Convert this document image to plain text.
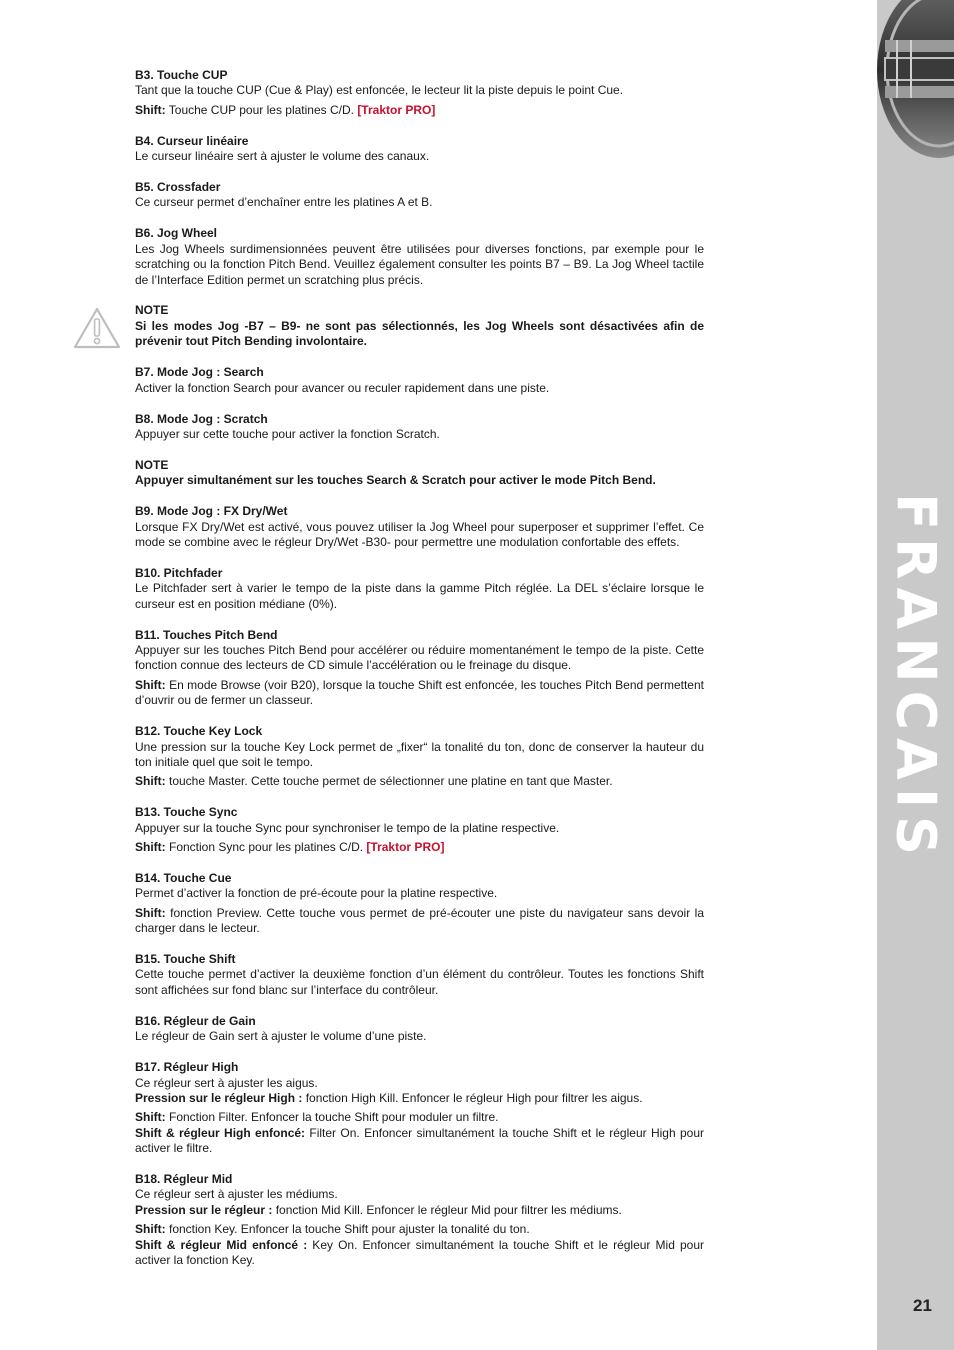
FRANCAIS
21
B3. Touche CUP

Tant que la touche CUP (Cue & Play) est enfoncée, le lecteur lit la piste depuis le point Cue.

Shift: Touche CUP pour les platines C/D. [Traktor PRO]

B4. Curseur linéaire

Le curseur linéaire sert à ajuster le volume des canaux.

B5. Crossfader

Ce curseur permet d’enchaîner entre les platines A et B.

B6. Jog Wheel

Les Jog Wheels surdimensionnées peuvent être utilisées pour diverses fonctions, par exemple pour le scratching ou la fonction Pitch Bend. Veuillez également consulter les points B7 – B9. La Jog Wheel tactile de l’Interface Edition permet un scratching plus précis.

NOTE

Si les modes Jog -B7 – B9- ne sont pas sélectionnés, les Jog Wheels sont désactivées afin de prévenir tout Pitch Bending involontaire.

B7. Mode Jog : Search

Activer la fonction Search pour avancer ou reculer rapidement dans une piste.

B8. Mode Jog : Scratch

Appuyer sur cette touche pour activer la fonction Scratch.

NOTE

Appuyer simultanément sur les touches Search & Scratch pour activer le mode Pitch Bend.

B9. Mode Jog : FX Dry/Wet

Lorsque FX Dry/Wet est activé, vous pouvez utiliser la Jog Wheel pour superposer et supprimer l’effet. Ce mode se combine avec le régleur Dry/Wet -B30- pour permettre une modulation confortable des effets.

B10. Pitchfader

Le Pitchfader sert à varier le tempo de la piste dans la gamme Pitch réglée. La DEL s’éclaire lorsque le curseur est en position médiane (0%).

B11. Touches Pitch Bend

Appuyer sur les touches Pitch Bend pour accélérer ou réduire momentanément le tempo de la piste. Cette fonction connue des lecteurs de CD simule l’accélération ou le freinage du disque.

Shift: En mode Browse (voir B20), lorsque la touche Shift est enfoncée, les touches Pitch Bend permettent d’ouvrir ou de fermer un classeur.

B12. Touche Key Lock

Une pression sur la touche Key Lock permet de „fixer“ la tonalité du ton, donc de conserver la hauteur du ton initiale quel que soit le tempo.

Shift: touche Master. Cette touche permet de sélectionner une platine en tant que Master.

B13. Touche Sync

Appuyer sur la touche Sync pour synchroniser le tempo de la platine respective.

Shift: Fonction Sync pour les platines C/D. [Traktor PRO]

B14. Touche Cue

Permet d’activer la fonction de pré-écoute pour la platine respective.

Shift: fonction Preview. Cette touche vous permet de pré-écouter une piste du navigateur sans devoir la charger dans le lecteur.

B15. Touche Shift

Cette touche permet d’activer la deuxième fonction d’un élément du contrôleur. Toutes les fonctions Shift sont affichées sur fond blanc sur l’interface du contrôleur.

B16. Régleur de Gain

Le régleur de Gain sert à ajuster le volume d’une piste.

B17. Régleur High

Ce régleur sert à ajuster les aigus.

Pression sur le régleur High : fonction High Kill. Enfoncer le régleur High pour filtrer les aigus.

Shift: Fonction Filter. Enfoncer la touche Shift pour moduler un filtre.

Shift & régleur High enfoncé: Filter On. Enfoncer simultanément la touche Shift et le régleur High pour activer le filtre.

B18. Régleur Mid

Ce régleur sert à ajuster les médiums.

Pression sur le régleur : fonction Mid Kill. Enfoncer le régleur Mid pour filtrer les médiums.

Shift: fonction Key. Enfoncer la touche Shift pour ajuster la tonalité du ton.

Shift & régleur Mid enfoncé : Key On. Enfoncer simultanément la touche Shift et le régleur Mid pour activer la fonction Key.
